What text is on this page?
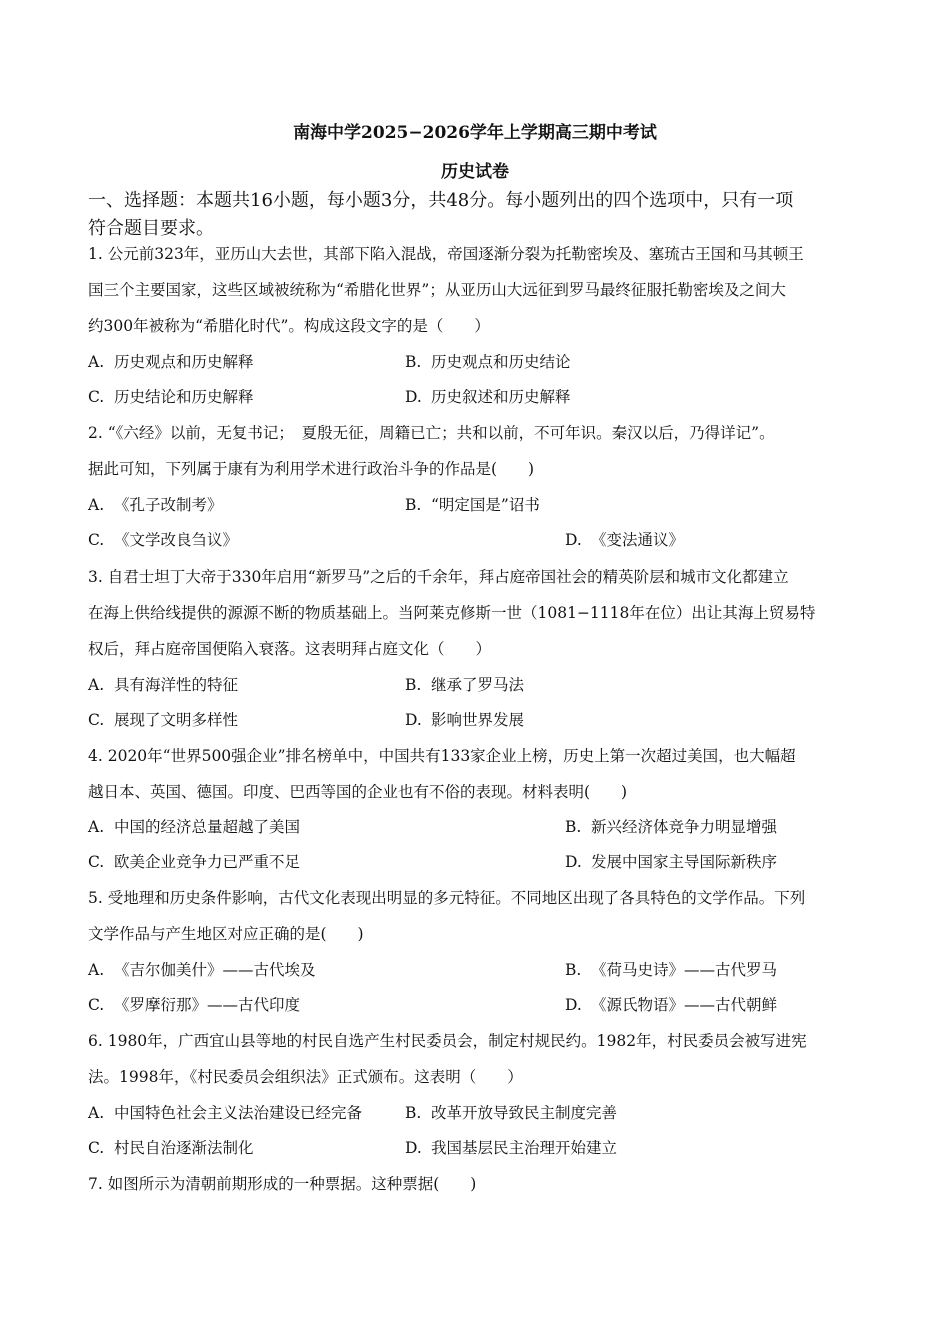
南海中学2025−2026学年上学期高三期中考试
历史试卷
一、选择题：本题共16小题，每小题3分，共48分。每小题列出的四个选项中，只有一项
符合题目要求。
1. 公元前323年，亚历山大去世，其部下陷入混战，帝国逐渐分裂为托勒密埃及、塞琉古王国和马其顿王
国三个主要国家，这些区域被统称为“希腊化世界”；从亚历山大远征到罗马最终征服托勒密埃及之间大
约300年被称为“希腊化时代”。构成这段文字的是（　　）
A. 历史观点和历史解释	B. 历史观点和历史结论
C. 历史结论和历史解释	D. 历史叙述和历史解释
2. “《六经》以前，无复书记；　夏殷无征，周籍已亡；共和以前，不可年识。秦汉以后，乃得详记”。
据此可知，下列属于康有为利用学术进行政治斗争的作品是(　　)
A. 《孔子改制考》	B. “明定国是”诏书
C. 《文学改良刍议》	D. 《变法通议》
3. 自君士坦丁大帝于330年启用“新罗马”之后的千余年，拜占庭帝国社会的精英阶层和城市文化都建立
在海上供给线提供的源源不断的物质基础上。当阿莱克修斯一世（1081−1118年在位）出让其海上贸易特
权后，拜占庭帝国便陷入衰落。这表明拜占庭文化（　　）
A. 具有海洋性的特征	B. 继承了罗马法
C. 展现了文明多样性	D. 影响世界发展
4. 2020年“世界500强企业”排名榜单中，中国共有133家企业上榜，历史上第一次超过美国，也大幅超
越日本、英国、德国。印度、巴西等国的企业也有不俗的表现。材料表明(　　)
A. 中国的经济总量超越了美国	B. 新兴经济体竞争力明显增强
C. 欧美企业竞争力已严重不足	D. 发展中国家主导国际新秩序
5. 受地理和历史条件影响，古代文化表现出明显的多元特征。不同地区出现了各具特色的文学作品。下列
文学作品与产生地区对应正确的是(　　)
A. 《吉尔伽美什》——古代埃及	B. 《荷马史诗》——古代罗马
C. 《罗摩衍那》——古代印度	D. 《源氏物语》——古代朝鲜
6. 1980年，广西宜山县等地的村民自选产生村民委员会，制定村规民约。1982年，村民委员会被写进宪
法。1998年，《村民委员会组织法》正式颁布。这表明（　　）
A. 中国特色社会主义法治建设已经完备	B. 改革开放导致民主制度完善
C. 村民自治逐渐法制化	D. 我国基层民主治理开始建立
7. 如图所示为清朝前期形成的一种票据。这种票据(　　)
